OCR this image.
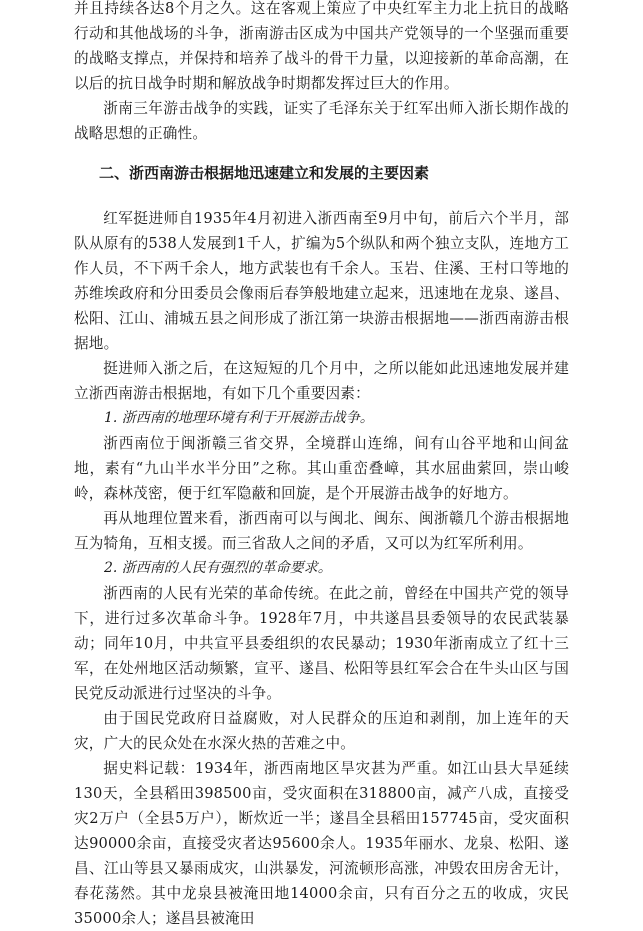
并且持续各达8个月之久。这在客观上策应了中央红军主力北上抗日的战略行动和其他战场的斗争，浙南游击区成为中国共产党领导的一个坚强而重要的战略支撑点，并保持和培养了战斗的骨干力量，以迎接新的革命高潮，在以后的抗日战争时期和解放战争时期都发挥过巨大的作用。

浙南三年游击战争的实践，证实了毛泽东关于红军出师入浙长期作战的战略思想的正确性。

二、浙西南游击根据地迅速建立和发展的主要因素

红军挺进师自1935年4月初进入浙西南至9月中旬，前后六个半月，部队从原有的538人发展到1千人，扩编为5个纵队和两个独立支队，连地方工作人员，不下两千余人，地方武装也有千余人。玉岩、住溪、王村口等地的苏维埃政府和分田委员会像雨后春笋般地建立起来，迅速地在龙泉、遂昌、松阳、江山、浦城五县之间形成了浙江第一块游击根据地——浙西南游击根据地。

挺进师入浙之后，在这短短的几个月中，之所以能如此迅速地发展并建立浙西南游击根据地，有如下几个重要因素：

1. 浙西南的地理环境有利于开展游击战争。

浙西南位于闽浙赣三省交界，全境群山连绵，间有山谷平地和山间盆地，素有“九山半水半分田”之称。其山重峦叠嶂，其水屈曲萦回，崇山峻岭，森林茂密，便于红军隐蔽和回旋，是个开展游击战争的好地方。

再从地理位置来看，浙西南可以与闽北、闽东、闽浙赣几个游击根据地互为犄角，互相支援。而三省敌人之间的矛盾，又可以为红军所利用。

2. 浙西南的人民有强烈的革命要求。

浙西南的人民有光荣的革命传统。在此之前，曾经在中国共产党的领导下，进行过多次革命斗争。1928年7月，中共遂昌县委领导的农民武装暴动；同年10月，中共宣平县委组织的农民暴动；1930年浙南成立了红十三军，在处州地区活动频繁，宣平、遂昌、松阳等县红军会合在牛头山区与国民党反动派进行过坚决的斗争。

由于国民党政府日益腐败，对人民群众的压迫和剥削，加上连年的天灾，广大的民众处在水深火热的苦难之中。

据史料记载：1934年，浙西南地区旱灾甚为严重。如江山县大旱延续130天，全县稻田398500亩，受灾面积在318800亩，减产八成，直接受灾2万户（全县5万户），断炊近一半；遂昌全县稻田157745亩，受灾面积达90000余亩，直接受灾者达95600余人。1935年丽水、龙泉、松阳、遂昌、江山等县又暴雨成灾，山洪暴发，河流顿形高涨，冲毁农田房舍无计，春花荡然。其中龙泉县被淹田地14000余亩，只有百分之五的收成，灾民35000余人；遂昌县被淹田
